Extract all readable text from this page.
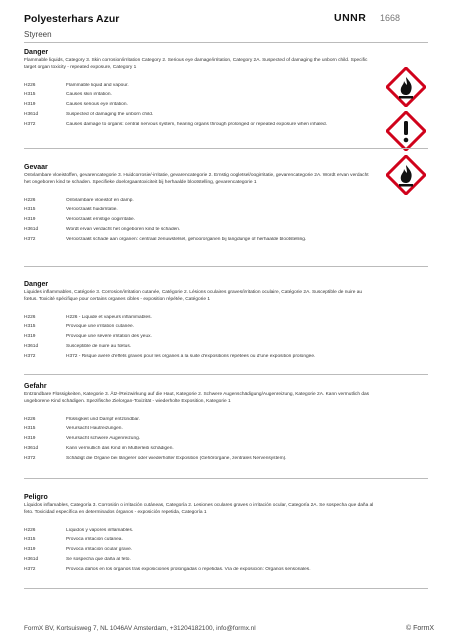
Polyesterhars Azur
Styreen
UNNR 1668
Danger
Flammable liquids, Category 3. Skin corrosion/irritation Category 2. Serious eye damage/irritation, Category 2A. Suspected of damaging the unborn child. Specific target organ toxicity - repeated exposure, Category 1
H226	Flammable liquid and vapour.
H315	Causes skin irritation.
H319	Causes serious eye irritation.
H361d	Suspected of damaging the unborn child.
H372	Causes damage to organs: central nervous system, hearing organs through prolonged or repeated exposure when inhaled.
Gevaar
Ontvlambare vloeistoffen, gevarencategorie 3. Huidcorrosie/-irritatie, gevarencategorie 2. Ernstig oogletsel/oogirritatie, gevarencategorie 2A. Wordt ervan verdacht het ongeboren kind te schaden. Specifieke doelorgaantoxiciteit bij herhaalde blootstelling, gevarencategorie 1
H226	Ontvlambare vloeistof en damp.
H315	Veroorzaakt huidirritatie.
H319	Veroorzaakt ernstige oogirritatie.
H361d	Wordt ervan verdacht het ongeboren kind te schaden.
H372	Veroorzaakt schade aan organen: centraal zenuwstelsel, gehoororganen bij langdurige of herhaalde blootstelling.
Danger
Liquides inflammables, Catégorie 3. Corrosion/irritation cutanée, Catégorie 2. Lésions oculaires graves/irritation oculaire, Catégorie 2A. Susceptible de nuire au fœtus. Toxicité spécifique pour certains organes cibles - exposition répétée, Catégorie 1
H226	H226 - Liquide et vapeurs inflammables.
H315	Provoque une irritation cutanée.
H319	Provoque une sévère irritation des yeux.
H361d	Susceptible de nuire au fœtus.
H372	H372 - Risque avéré d'effets graves pour les organes à la suite d'expositions répétées ou d'une exposition prolongée.
Gefahr
Entzündbare Flüssigkeiten, Kategorie 3. Ätz-/Reizwirkung auf die Haut, Kategorie 2. Schwere Augenschädigung/Augenreizung, Kategorie 2A. Kann vermutlich das ungeborene Kind schädigen. Spezifische Zielorgan-Toxizität - wiederholte Exposition, Kategorie 1
H226	Flüssigkeit und Dampf entzündbar.
H315	Verursacht Hautreizungen.
H319	Verursacht schwere Augenreizung.
H361d	Kann vermutlich das Kind im Mutterleib schädigen.
H372	Schädigt die Organe bei längerer oder wiederholter Exposition (Gehörorgane, zentrales Nervensystem).
Peligro
Líquidos inflamables, Categoría 3. Corrosión o irritación cutáneas, Categoría 2. Lesiones oculares graves o irritación ocular, Categoría 2A. Se sospecha que daña al feto. Toxicidad específica en determinados órganos - exposición repetida, Categoría 1
H226	Líquidos y vapores inflamables.
H315	Provoca irritación cutánea.
H319	Provoca irritación ocular grave.
H361d	Se sospecha que daña al feto.
H372	Provoca daños en los órganos tras exposiciones prolongadas o repetidas. Vía de exposición: Organos sensoriales.
FormX BV, Kortsuisweg 7, NL 1046AV Amsterdam, +31204182100, info@formx.nl	© FormX
